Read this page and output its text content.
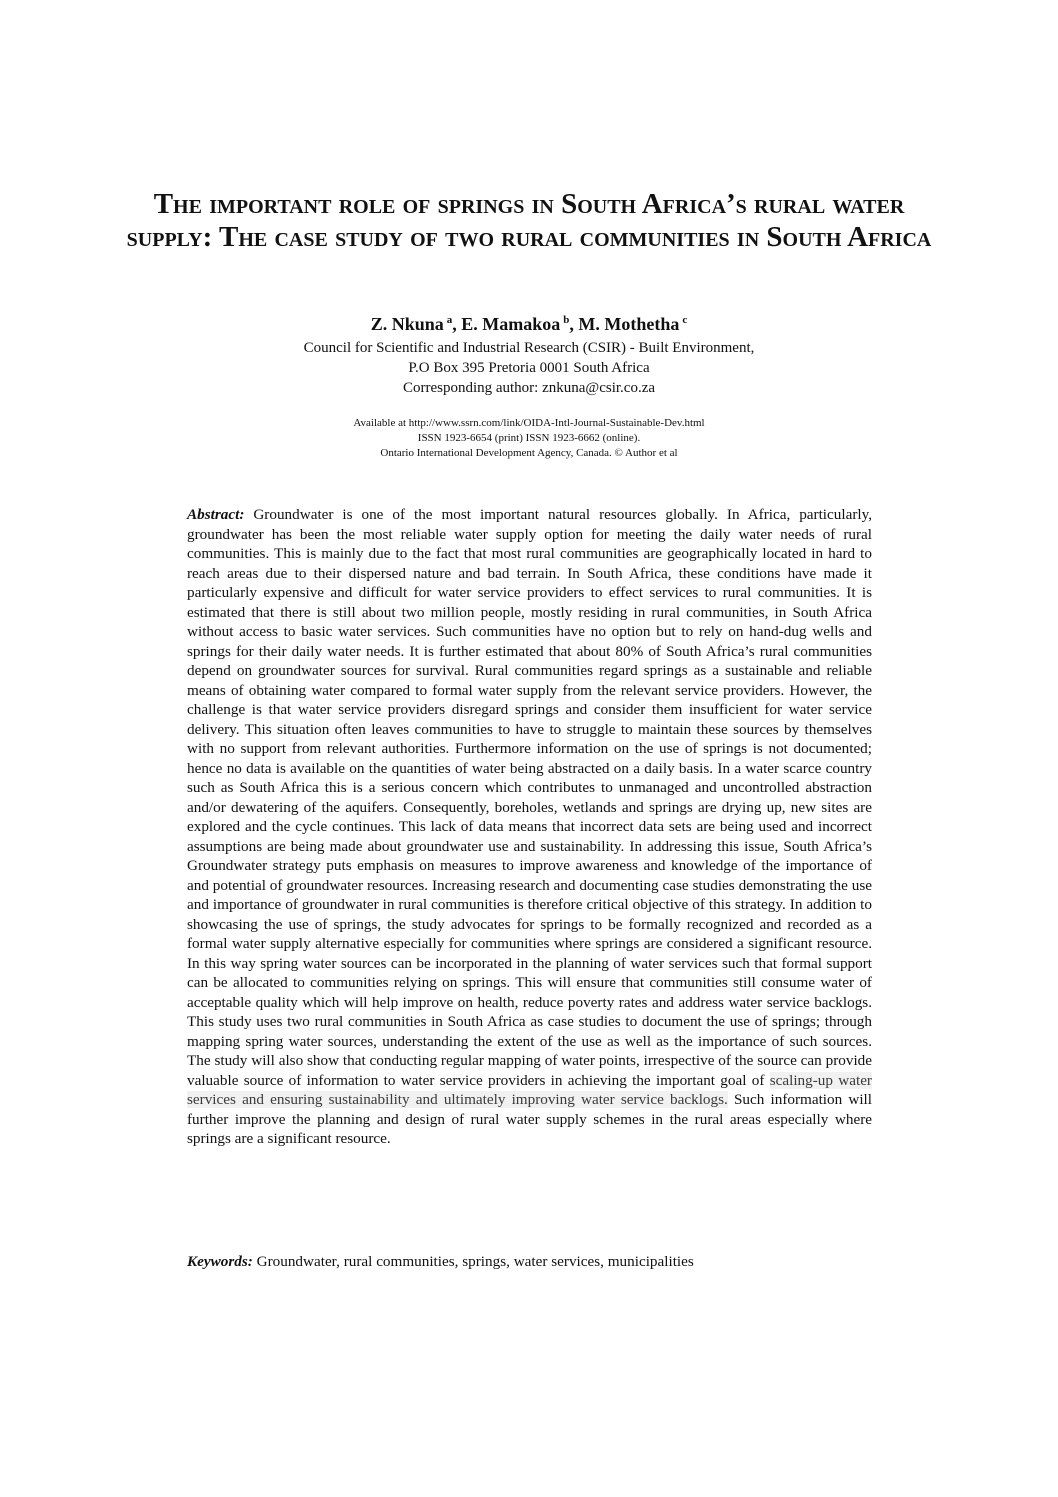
The important role of springs in South Africa’s rural water supply: The case study of two rural communities in South Africa
Z. Nkuna $^a$, E. Mamakoa $^b$, M. Mothetha $^c$
Council for Scientific and Industrial Research (CSIR) - Built Environment,
P.O Box 395 Pretoria 0001 South Africa
Corresponding author: znkuna@csir.co.za
Available at http://www.ssrn.com/link/OIDA-Intl-Journal-Sustainable-Dev.html
ISSN 1923-6654 (print) ISSN 1923-6662 (online).
Ontario International Development Agency, Canada. © Author et al

Abstract: Groundwater is one of the most important natural resources globally. In Africa, particularly, groundwater has been the most reliable water supply option for meeting the daily water needs of rural communities. This is mainly due to the fact that most rural communities are geographically located in hard to reach areas due to their dispersed nature and bad terrain. In South Africa, these conditions have made it particularly expensive and difficult for water service providers to effect services to rural communities. It is estimated that there is still about two million people, mostly residing in rural communities, in South Africa without access to basic water services. Such communities have no option but to rely on hand-dug wells and springs for their daily water needs. It is further estimated that about 80% of South Africa’s rural communities depend on groundwater sources for survival. Rural communities regard springs as a sustainable and reliable means of obtaining water compared to formal water supply from the relevant service providers. However, the challenge is that water service providers disregard springs and consider them insufficient for water service delivery. This situation often leaves communities to have to struggle to maintain these sources by themselves with no support from relevant authorities. Furthermore information on the use of springs is not documented; hence no data is available on the quantities of water being abstracted on a daily basis. In a water scarce country such as South Africa this is a serious concern which contributes to unmanaged and uncontrolled abstraction and/or dewatering of the aquifers. Consequently, boreholes, wetlands and springs are drying up, new sites are explored and the cycle continues. This lack of data means that incorrect data sets are being used and incorrect assumptions are being made about groundwater use and sustainability. In addressing this issue, South Africa’s Groundwater strategy puts emphasis on measures to improve awareness and knowledge of the importance of and potential of groundwater resources. Increasing research and documenting case studies demonstrating the use and importance of groundwater in rural communities is therefore critical objective of this strategy. In addition to showcasing the use of springs, the study advocates for springs to be formally recognized and recorded as a formal water supply alternative especially for communities where springs are considered a significant resource. In this way spring water sources can be incorporated in the planning of water services such that formal support can be allocated to communities relying on springs. This will ensure that communities still consume water of acceptable quality which will help improve on health, reduce poverty rates and address water service backlogs. This study uses two rural communities in South Africa as case studies to document the use of springs; through mapping spring water sources, understanding the extent of the use as well as the importance of such sources. The study will also show that conducting regular mapping of water points, irrespective of the source can provide valuable source of information to water service providers in achieving the important goal of scaling-up water services and ensuring sustainability and ultimately improving water service backlogs. Such information will further improve the planning and design of rural water supply schemes in the rural areas especially where springs are a significant resource.

Keywords: Groundwater, rural communities, springs, water services, municipalities
